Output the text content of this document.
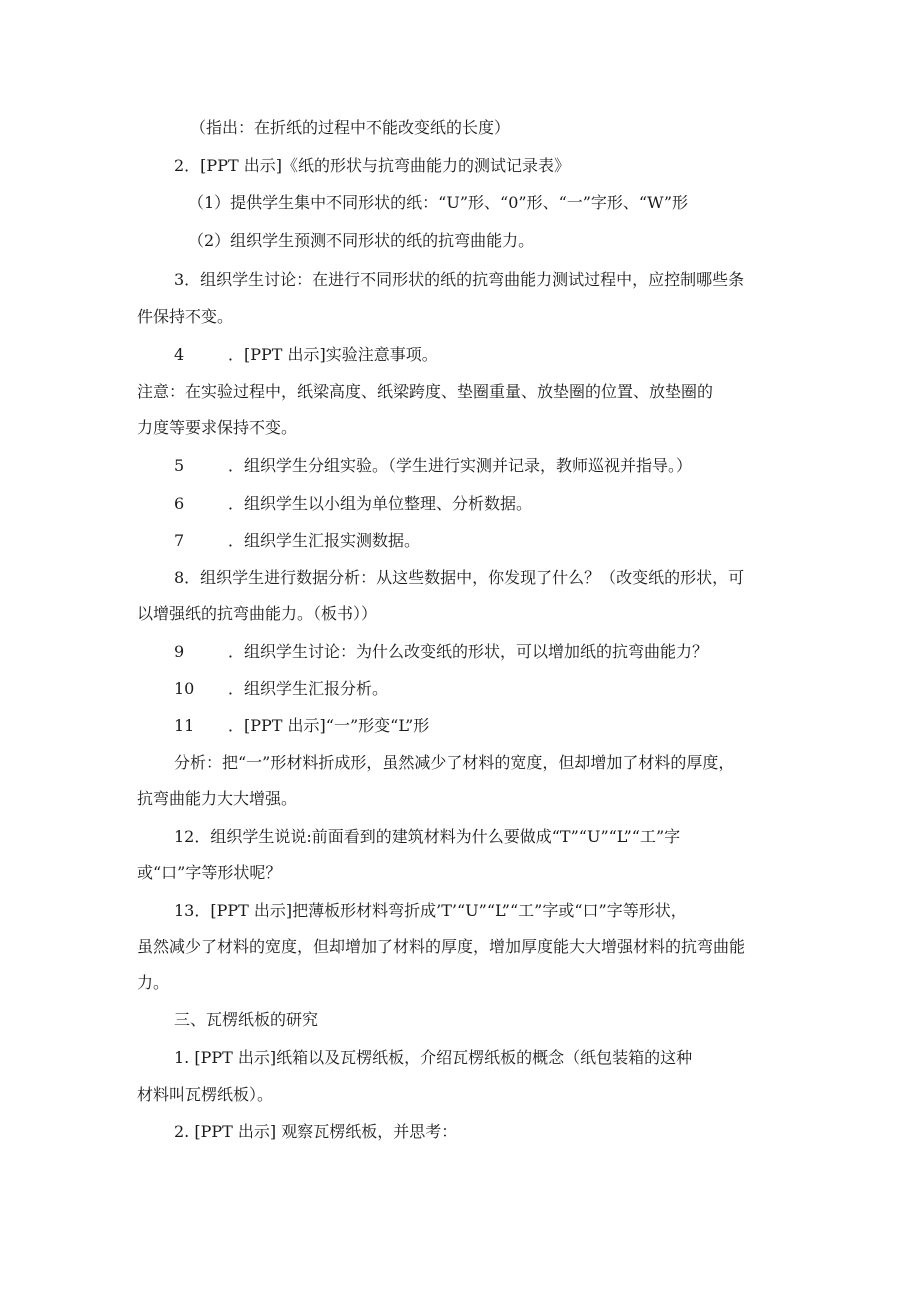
（指出：在折纸的过程中不能改变纸的长度）
2．[PPT 出示]《纸的形状与抗弯曲能力的测试记录表》
（1）提供学生集中不同形状的纸：“U”形、“0”形、“一”字形、“W”形
（2）组织学生预测不同形状的纸的抗弯曲能力。
3．组织学生讨论：在进行不同形状的纸的抗弯曲能力测试过程中，应控制哪些条
件保持不变。
4	．[PPT 出示]实验注意事项。
注意：在实验过程中，纸梁高度、纸梁跨度、垫圈重量、放垫圈的位置、放垫圈的
力度等要求保持不变。
5	．组织学生分组实验。（学生进行实测并记录，教师巡视并指导。）
6	．组织学生以小组为单位整理、分析数据。
7	．组织学生汇报实测数据。
8．组织学生进行数据分析：从这些数据中，你发现了什么？（改变纸的形状，可
以增强纸的抗弯曲能力。（板书））
9	．组织学生讨论：为什么改变纸的形状，可以增加纸的抗弯曲能力？
10 ．组织学生汇报分析。
11 ．[PPT 出示]“一”形变“L”形
分析：把“一”形材料折成形，虽然减少了材料的宽度，但却增加了材料的厚度，
抗弯曲能力大大增强。
12．组织学生说说:前面看到的建筑材料为什么要做成“T”“U”“L”“工”字
或“口”字等形状呢？
13．[PPT 出示]把薄板形材料弯折成’T’“U”“L”“工”字或“口”字等形状，
虽然减少了材料的宽度，但却增加了材料的厚度，增加厚度能大大增强材料的抗弯曲能
力。
三、瓦楞纸板的研究
1. [PPT 出示]纸箱以及瓦楞纸板，介绍瓦楞纸板的概念（纸包装箱的这种
材料叫瓦楞纸板）。
2. [PPT 出示] 观察瓦楞纸板，并思考：
